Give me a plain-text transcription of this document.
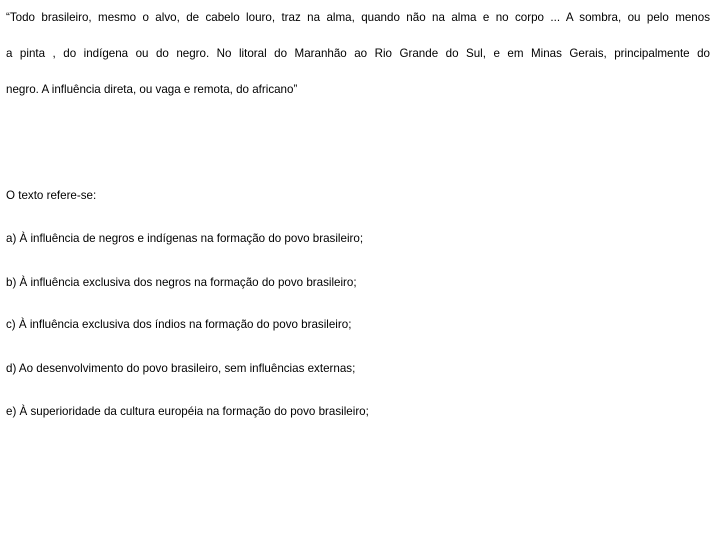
“Todo brasileiro, mesmo o alvo, de cabelo louro, traz na alma, quando não na alma e no corpo ... A sombra, ou pelo menos
a pinta , do indígena ou do negro. No litoral do Maranhão ao Rio Grande do Sul, e em Minas Gerais, principalmente do
negro. A influência direta, ou vaga e remota, do africano”

O texto refere-se:

a) À influência de negros e indígenas na formação do povo brasileiro;

b) À influência exclusiva dos negros na formação do povo brasileiro;

c) À influência exclusiva dos índios na formação do povo brasileiro;

d) Ao desenvolvimento do povo brasileiro, sem influências externas;

e) À superioridade da cultura européia na formação do povo brasileiro;
